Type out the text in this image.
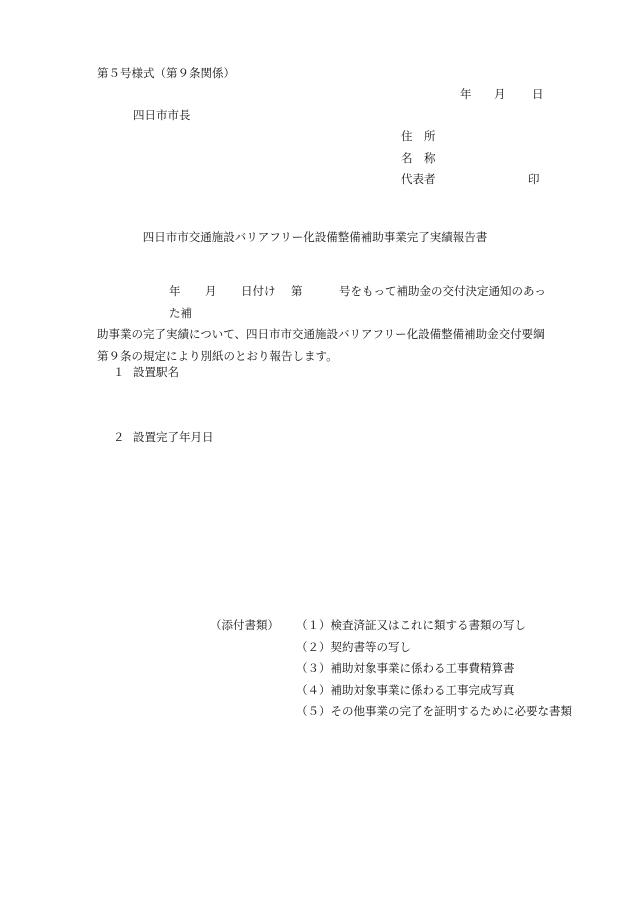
第５号様式（第９条関係）
年 月 日
四日市市長
住　所
名　称
代表者	印
四日市市交通施設バリアフリー化設備整備補助事業完了実績報告書

年 月 日付け 第	号をもって補助金の交付決定通知のあった補

助事業の完了実績について、四日市市交通施設バリアフリー化設備整備補助金交付要綱

第９条の規定により別紙のとおり報告します。

１ 設置駅名
２ 設置完了年月日
（添付書類） （１）検査済証又はこれに類する書類の写し
（２）契約書等の写し
（３）補助対象事業に係わる工事費精算書
（４）補助対象事業に係わる工事完成写真
（５）その他事業の完了を証明するために必要な書類
